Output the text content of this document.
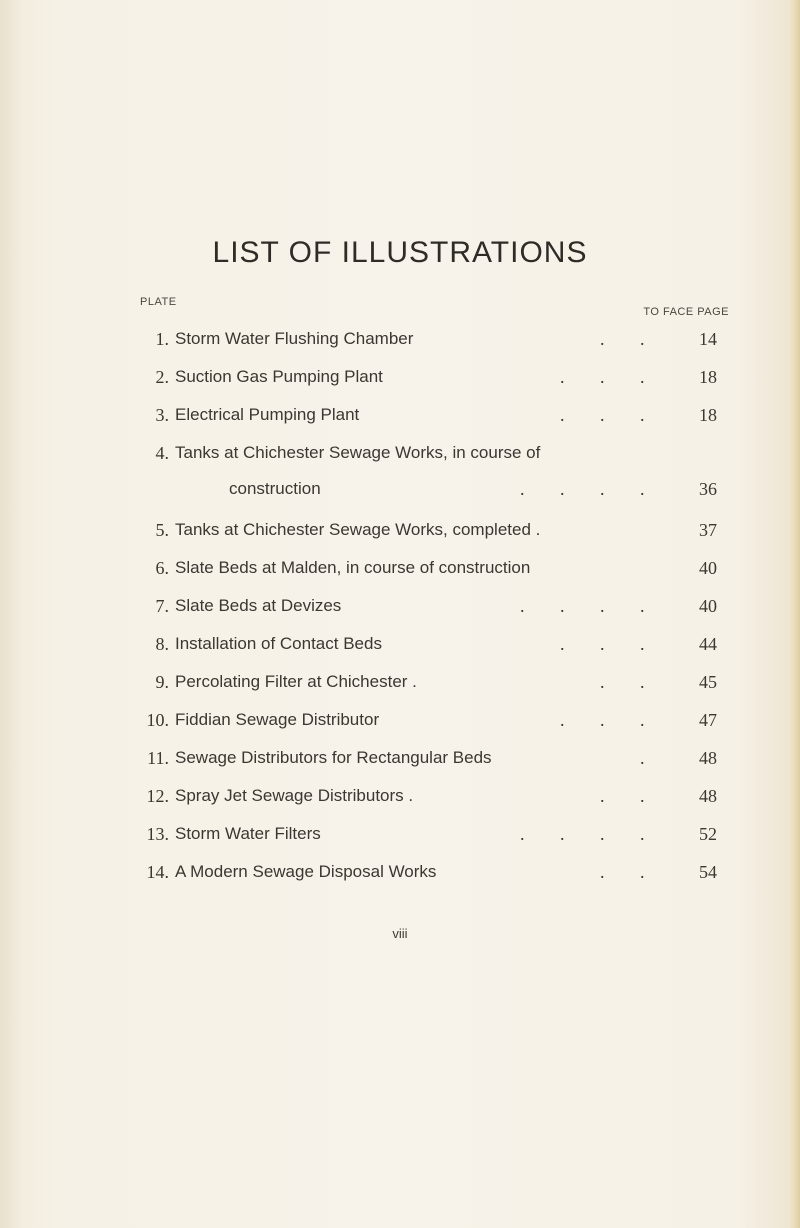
LIST OF ILLUSTRATIONS
PLATE
TO FACE PAGE
1. Storm Water Flushing Chamber	. .	14
2. Suction Gas Pumping Plant	. . .	18
3. Electrical Pumping Plant	. . .	18
4. Tanks at Chichester Sewage Works, in course of
construction	. . . .	36
5. Tanks at Chichester Sewage Works, completed .	37
6. Slate Beds at Malden, in course of construction	40
7. Slate Beds at Devizes	. . . .	40
8. Installation of Contact Beds	. . .	44
9. Percolating Filter at Chichester .	. .	45
10. Fiddian Sewage Distributor	. . .	47
11. Sewage Distributors for Rectangular Beds	.	48
12. Spray Jet Sewage Distributors .	. .	48
13. Storm Water Filters	. . . .	52
14. A Modern Sewage Disposal Works	. .	54
viii
